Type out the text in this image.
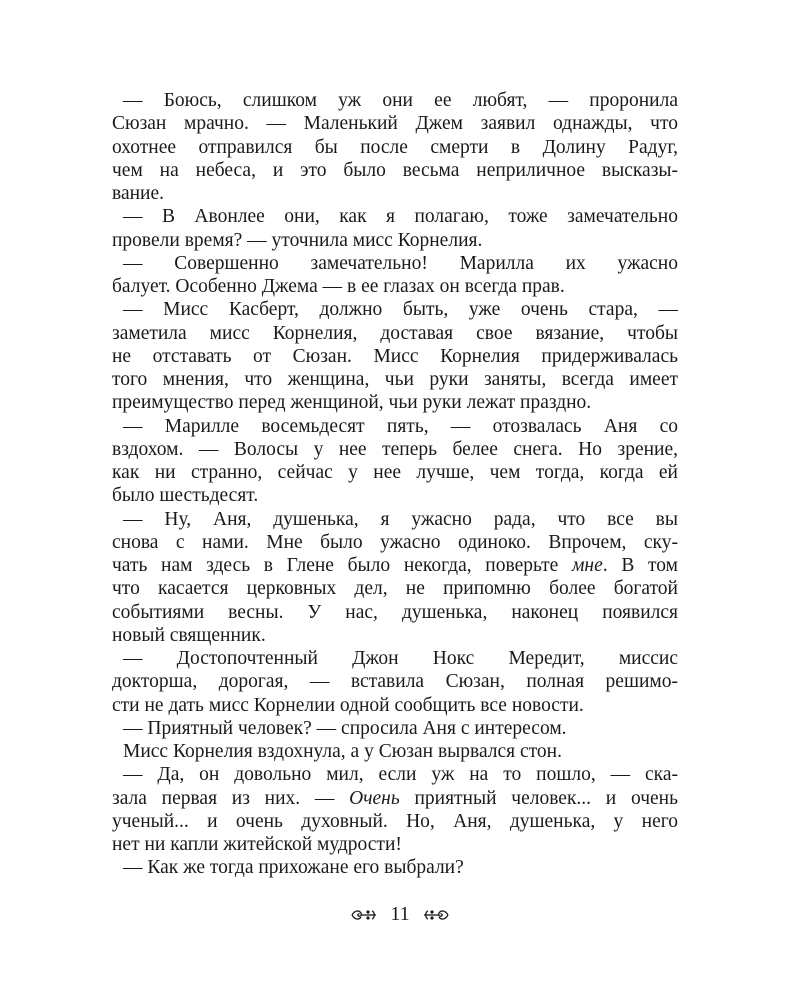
— Боюсь, слишком уж они ее любят, — проронила
Сюзан мрачно. — Маленький Джем заявил однажды, что
охотнее отправился бы после смерти в Долину Радуг,
чем на небеса, и это было весьма неприличное высказы-
вание.
— В Авонлее они, как я полагаю, тоже замечательно
провели время? — уточнила мисс Корнелия.
— Совершенно замечательно! Марилла их ужасно
балует. Особенно Джема — в ее глазах он всегда прав.
— Мисс Касберт, должно быть, уже очень стара, —
заметила мисс Корнелия, доставая свое вязание, чтобы
не отставать от Сюзан. Мисс Корнелия придерживалась
того мнения, что женщина, чьи руки заняты, всегда имеет
преимущество перед женщиной, чьи руки лежат праздно.
— Марилле восемьдесят пять, — отозвалась Аня со
вздохом. — Волосы у нее теперь белее снега. Но зрение,
как ни странно, сейчас у нее лучше, чем тогда, когда ей
было шестьдесят.
— Ну, Аня, душенька, я ужасно рада, что все вы
снова с нами. Мне было ужасно одиноко. Впрочем, ску-
чать нам здесь в Глене было некогда, поверьте мне. В том
что касается церковных дел, не припомню более богатой
событиями весны. У нас, душенька, наконец появился
новый священник.
— Достопочтенный Джон Нокс Мередит, миссис
докторша, дорогая, — вставила Сюзан, полная решимо-
сти не дать мисс Корнелии одной сообщить все новости.
— Приятный человек? — спросила Аня с интересом.
Мисс Корнелия вздохнула, а у Сюзан вырвался стон.
— Да, он довольно мил, если уж на то пошло, — ска-
зала первая из них. — Очень приятный человек... и очень
ученый... и очень духовный. Но, Аня, душенька, у него
нет ни капли житейской мудрости!
— Как же тогда прихожане его выбрали?
11
